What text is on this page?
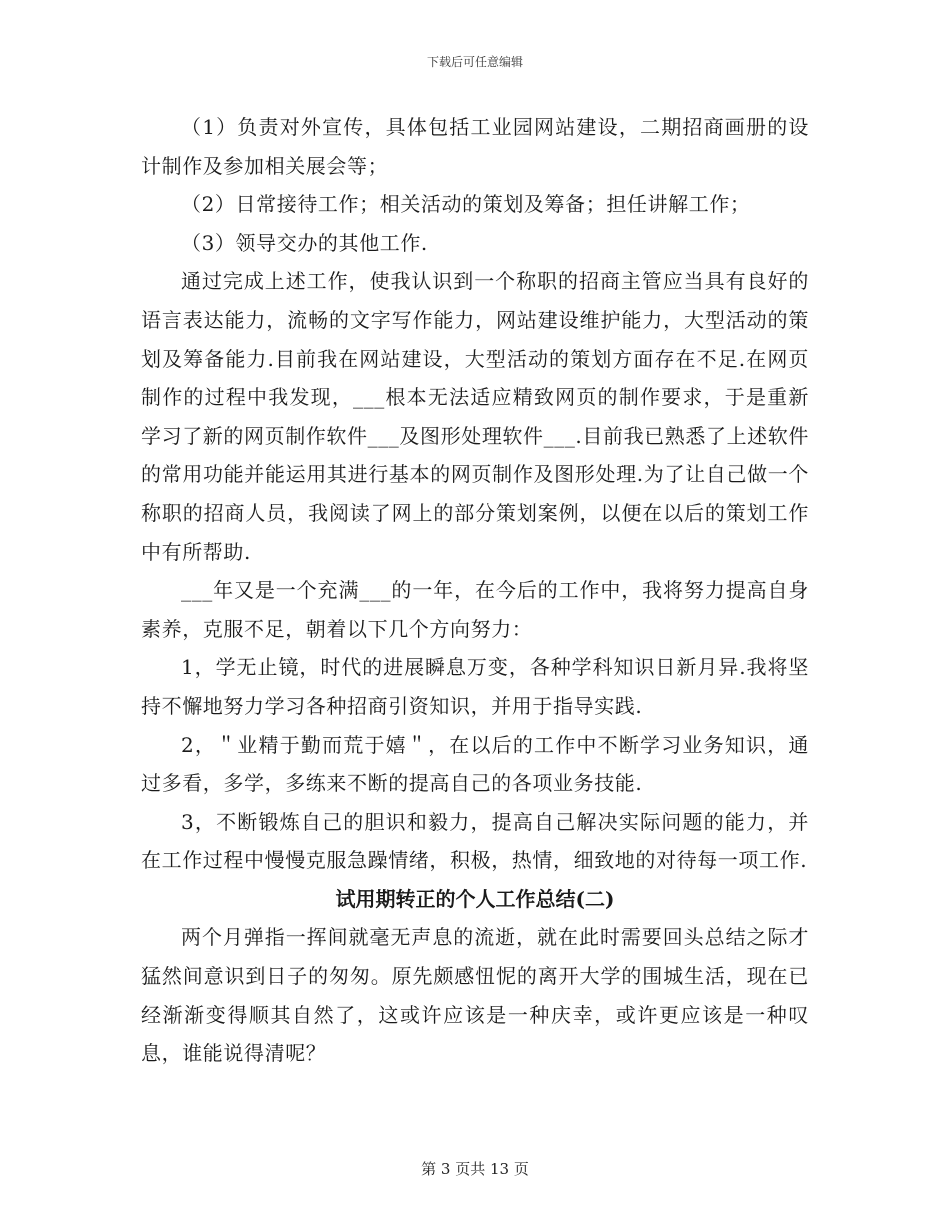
下载后可任意编辑

（1）负责对外宣传，具体包括工业园网站建设，二期招商画册的设计制作及参加相关展会等；

（2）日常接待工作；相关活动的策划及筹备；担任讲解工作；

（3）领导交办的其他工作.

通过完成上述工作，使我认识到一个称职的招商主管应当具有良好的语言表达能力，流畅的文字写作能力，网站建设维护能力，大型活动的策划及筹备能力.目前我在网站建设，大型活动的策划方面存在不足.在网页制作的过程中我发现，___根本无法适应精致网页的制作要求，于是重新学习了新的网页制作软件___及图形处理软件___.目前我已熟悉了上述软件的常用功能并能运用其进行基本的网页制作及图形处理.为了让自己做一个称职的招商人员，我阅读了网上的部分策划案例，以便在以后的策划工作中有所帮助.

___年又是一个充满___的一年，在今后的工作中，我将努力提高自身素养，克服不足，朝着以下几个方向努力：

1，学无止镜，时代的进展瞬息万变，各种学科知识日新月异.我将坚持不懈地努力学习各种招商引资知识，并用于指导实践.

2，＂业精于勤而荒于嬉＂，在以后的工作中不断学习业务知识，通过多看，多学，多练来不断的提高自己的各项业务技能.

3，不断锻炼自己的胆识和毅力，提高自己解决实际问题的能力，并在工作过程中慢慢克服急躁情绪，积极，热情，细致地的对待每一项工作.

试用期转正的个人工作总结(二)

两个月弹指一挥间就毫无声息的流逝，就在此时需要回头总结之际才猛然间意识到日子的匆匆。原先颇感忸怩的离开大学的围城生活，现在已经渐渐变得顺其自然了，这或许应该是一种庆幸，或许更应该是一种叹息，谁能说得清呢？

第 3 页共 13 页
